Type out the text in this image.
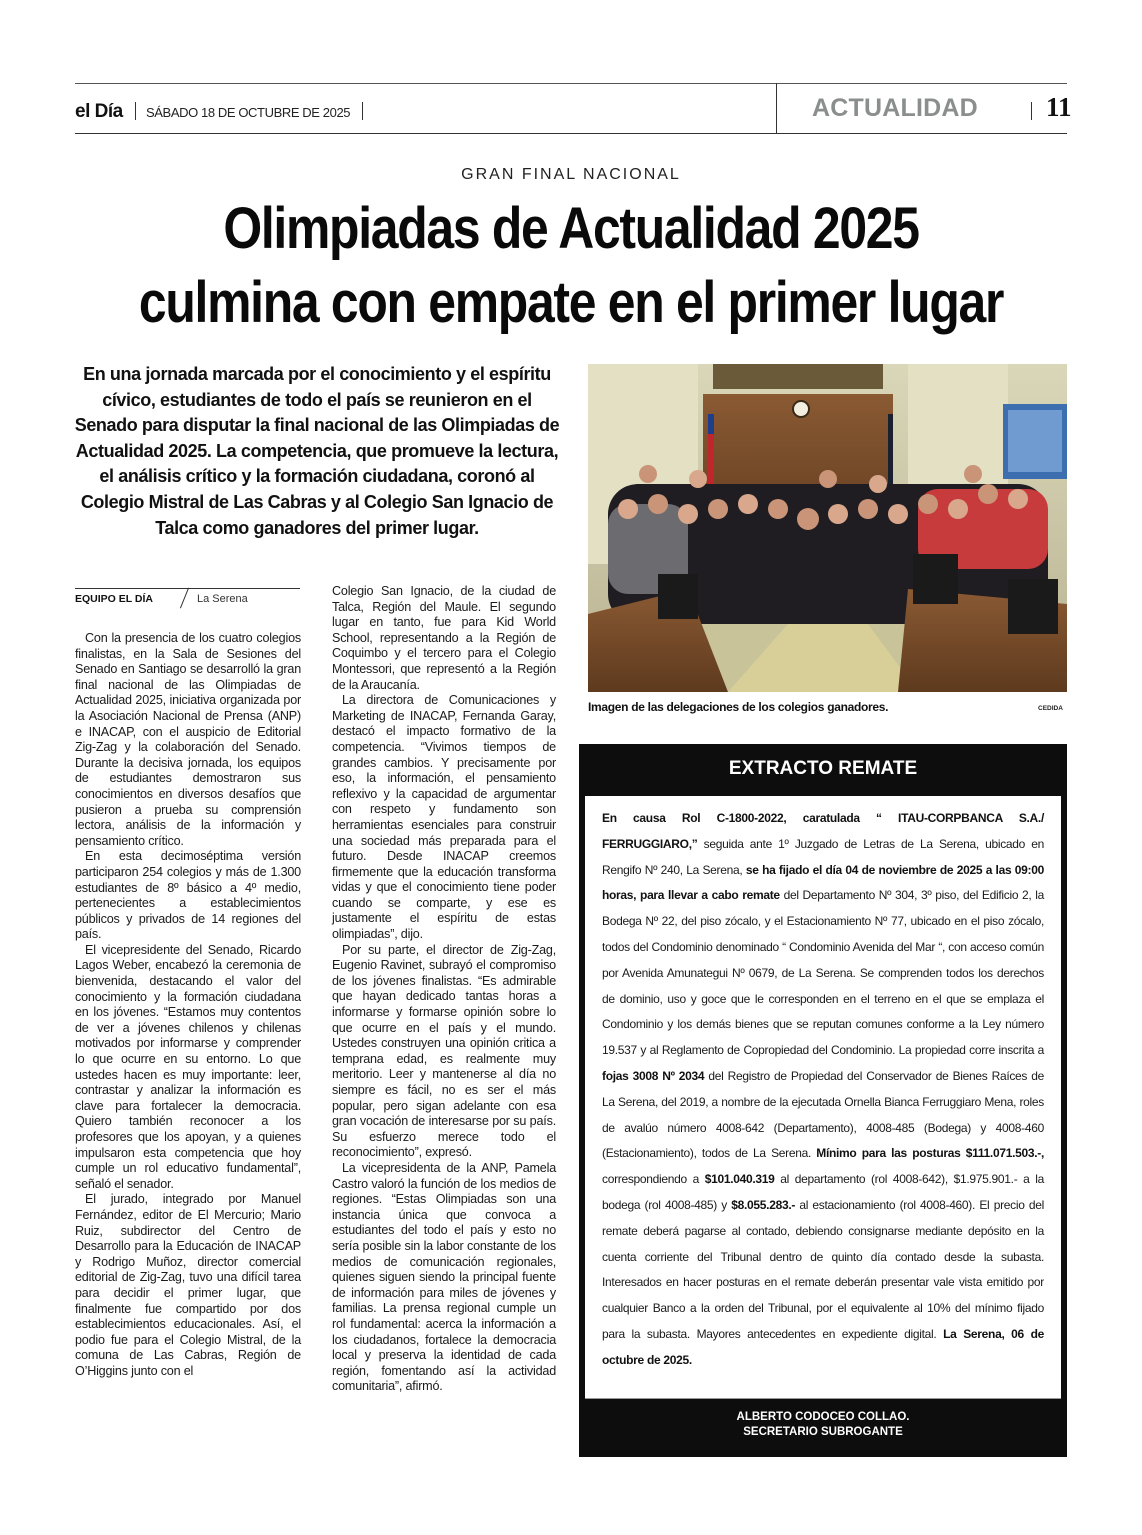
el Día SÁBADO 18 DE OCTUBRE DE 2025	ACTUALIDAD	11
GRAN FINAL NACIONAL
Olimpiadas de Actualidad 2025
culmina con empate en el primer lugar
En una jornada marcada por el conocimiento y el espíritu cívico, estudiantes de todo el país se reunieron en el Senado para disputar la final nacional de las Olimpiadas de Actualidad 2025. La competencia, que promueve la lectura, el análisis crítico y la formación ciudadana, coronó al Colegio Mistral de Las Cabras y al Colegio San Ignacio de Talca como ganadores del primer lugar.
EQUIPO EL DÍA	La Serena

Con la presencia de los cuatro colegios finalistas, en la Sala de Sesiones del Senado en Santiago se desarrolló la gran final nacional de las Olimpiadas de Actualidad 2025, iniciativa organizada por la Asociación Nacional de Prensa (ANP) e INACAP, con el auspicio de Editorial Zig-Zag y la colaboración del Senado. Durante la decisiva jornada, los equipos de estudiantes demostraron sus conocimientos en diversos desafíos que pusieron a prueba su comprensión lectora, análisis de la información y pensamiento crítico.

En esta decimoséptima versión participaron 254 colegios y más de 1.300 estudiantes de 8º básico a 4º medio, pertenecientes a establecimientos públicos y privados de 14 regiones del país.

El vicepresidente del Senado, Ricardo Lagos Weber, encabezó la ceremonia de bienvenida, destacando el valor del conocimiento y la formación ciudadana en los jóvenes. “Estamos muy contentos de ver a jóvenes chilenos y chilenas motivados por informarse y comprender lo que ocurre en su entorno. Lo que ustedes hacen es muy importante: leer, contrastar y analizar la información es clave para fortalecer la democracia. Quiero también reconocer a los profesores que los apoyan, y a quienes impulsaron esta competencia que hoy cumple un rol educativo fundamental”, señaló el senador.

El jurado, integrado por Manuel Fernández, editor de El Mercurio; Mario Ruiz, subdirector del Centro de Desarrollo para la Educación de INACAP y Rodrigo Muñoz, director comercial editorial de Zig-Zag, tuvo una difícil tarea para decidir el primer lugar, que finalmente fue compartido por dos establecimientos educacionales. Así, el podio fue para el Colegio Mistral, de la comuna de Las Cabras, Región de O’Higgins junto con el

Colegio San Ignacio, de la ciudad de Talca, Región del Maule. El segundo lugar en tanto, fue para Kid World School, representando a la Región de Coquimbo y el tercero para el Colegio Montessori, que representó a la Región de la Araucanía.

La directora de Comunicaciones y Marketing de INACAP, Fernanda Garay, destacó el impacto formativo de la competencia. “Vivimos tiempos de grandes cambios. Y precisamente por eso, la información, el pensamiento reflexivo y la capacidad de argumentar con respeto y fundamento son herramientas esenciales para construir una sociedad más preparada para el futuro. Desde INACAP creemos firmemente que la educación transforma vidas y que el conocimiento tiene poder cuando se comparte, y ese es justamente el espíritu de estas olimpiadas”, dijo.

Por su parte, el director de Zig-Zag, Eugenio Ravinet, subrayó el compromiso de los jóvenes finalistas. “Es admirable que hayan dedicado tantas horas a informarse y formarse opinión sobre lo que ocurre en el país y el mundo. Ustedes construyen una opinión critica a temprana edad, es realmente muy meritorio. Leer y mantenerse al día no siempre es fácil, no es ser el más popular, pero sigan adelante con esa gran vocación de interesarse por su país. Su esfuerzo merece todo el reconocimiento”, expresó.

La vicepresidenta de la ANP, Pamela Castro valoró la función de los medios de regiones. “Estas Olimpiadas son una instancia única que convoca a estudiantes del todo el país y esto no sería posible sin la labor constante de los medios de comunicación regionales, quienes siguen siendo la principal fuente de información para miles de jóvenes y familias. La prensa regional cumple un rol fundamental: acerca la información a los ciudadanos, fortalece la democracia local y preserva la identidad de cada región, fomentando así la actividad comunitaria”, afirmó.

Imagen de las delegaciones de los colegios ganadores.	CEDIDA
EXTRACTO REMATE
En causa Rol C-1800-2022, caratulada “ ITAU-CORPBANCA S.A./ FERRUGGIARO,” seguida ante 1º Juzgado de Letras de La Serena, ubicado en Rengifo Nº 240, La Serena, se ha fijado el día 04 de noviembre de 2025 a las 09:00 horas, para llevar a cabo remate del Departamento Nº 304, 3º piso, del Edificio 2, la Bodega Nº 22, del piso zócalo, y el Estacionamiento Nº 77, ubicado en el piso zócalo, todos del Condominio denominado “ Condominio Avenida del Mar “, con acceso común por Avenida Amunategui Nº 0679, de La Serena. Se comprenden todos los derechos de dominio, uso y goce que le corresponden en el terreno en el que se emplaza el Condominio y los demás bienes que se reputan comunes conforme a la Ley número 19.537 y al Reglamento de Copropiedad del Condominio. La propiedad corre inscrita a fojas 3008 Nº 2034 del Registro de Propiedad del Conservador de Bienes Raíces de La Serena, del 2019, a nombre de la ejecutada Ornella Bianca Ferruggiaro Mena, roles de avalúo número 4008-642 (Departamento), 4008-485 (Bodega) y 4008-460 (Estacionamiento), todos de La Serena. Mínimo para las posturas $111.071.503.-, correspondiendo a $101.040.319 al departamento (rol 4008-642), $1.975.901.- a la bodega (rol 4008-485) y $8.055.283.- al estacionamiento (rol 4008-460). El precio del remate deberá pagarse al contado, debiendo consignarse mediante depósito en la cuenta corriente del Tribunal dentro de quinto día contado desde la subasta. Interesados en hacer posturas en el remate deberán presentar vale vista emitido por cualquier Banco a la orden del Tribunal, por el equivalente al 10% del mínimo fijado para la subasta. Mayores antecedentes en expediente digital. La Serena, 06 de octubre de 2025.
ALBERTO CODOCEO COLLAO.
SECRETARIO SUBROGANTE
